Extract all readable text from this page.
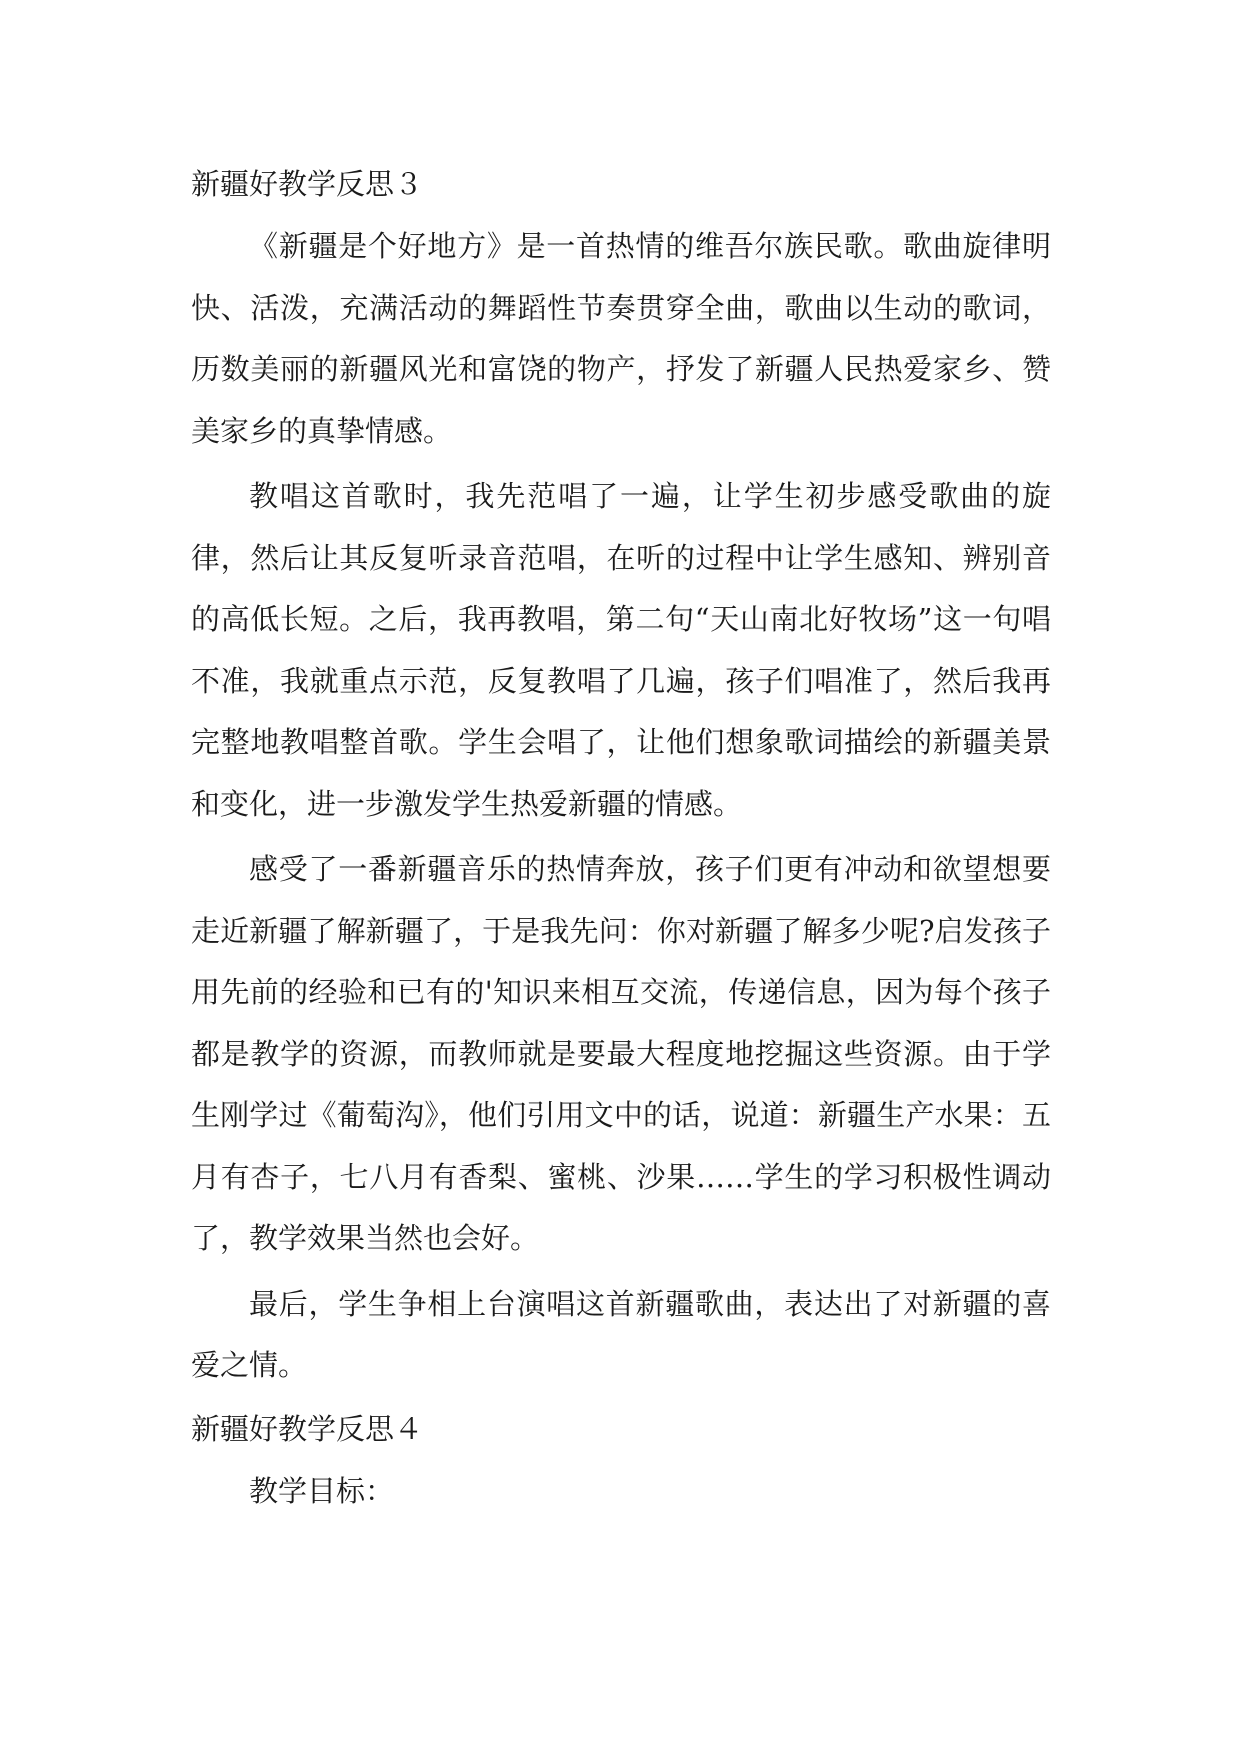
新疆好教学反思３

《新疆是个好地方》是一首热情的维吾尔族民歌。歌曲旋律明快、活泼，充满活动的舞蹈性节奏贯穿全曲，歌曲以生动的歌词，历数美丽的新疆风光和富饶的物产，抒发了新疆人民热爱家乡、赞美家乡的真挚情感。

教唱这首歌时，我先范唱了一遍，让学生初步感受歌曲的旋律，然后让其反复听录音范唱，在听的过程中让学生感知、辨别音的高低长短。之后，我再教唱，第二句“天山南北好牧场”这一句唱不准，我就重点示范，反复教唱了几遍，孩子们唱准了，然后我再完整地教唱整首歌。学生会唱了，让他们想象歌词描绘的新疆美景和变化，进一步激发学生热爱新疆的情感。

感受了一番新疆音乐的热情奔放，孩子们更有冲动和欲望想要走近新疆了解新疆了，于是我先问：你对新疆了解多少呢?启发孩子用先前的经验和已有的'知识来相互交流，传递信息，因为每个孩子都是教学的资源，而教师就是要最大程度地挖掘这些资源。由于学生刚学过《葡萄沟》，他们引用文中的话，说道：新疆生产水果：五月有杏子，七八月有香梨、蜜桃、沙果……学生的学习积极性调动了，教学效果当然也会好。

最后，学生争相上台演唱这首新疆歌曲，表达出了对新疆的喜爱之情。

新疆好教学反思４

教学目标：
